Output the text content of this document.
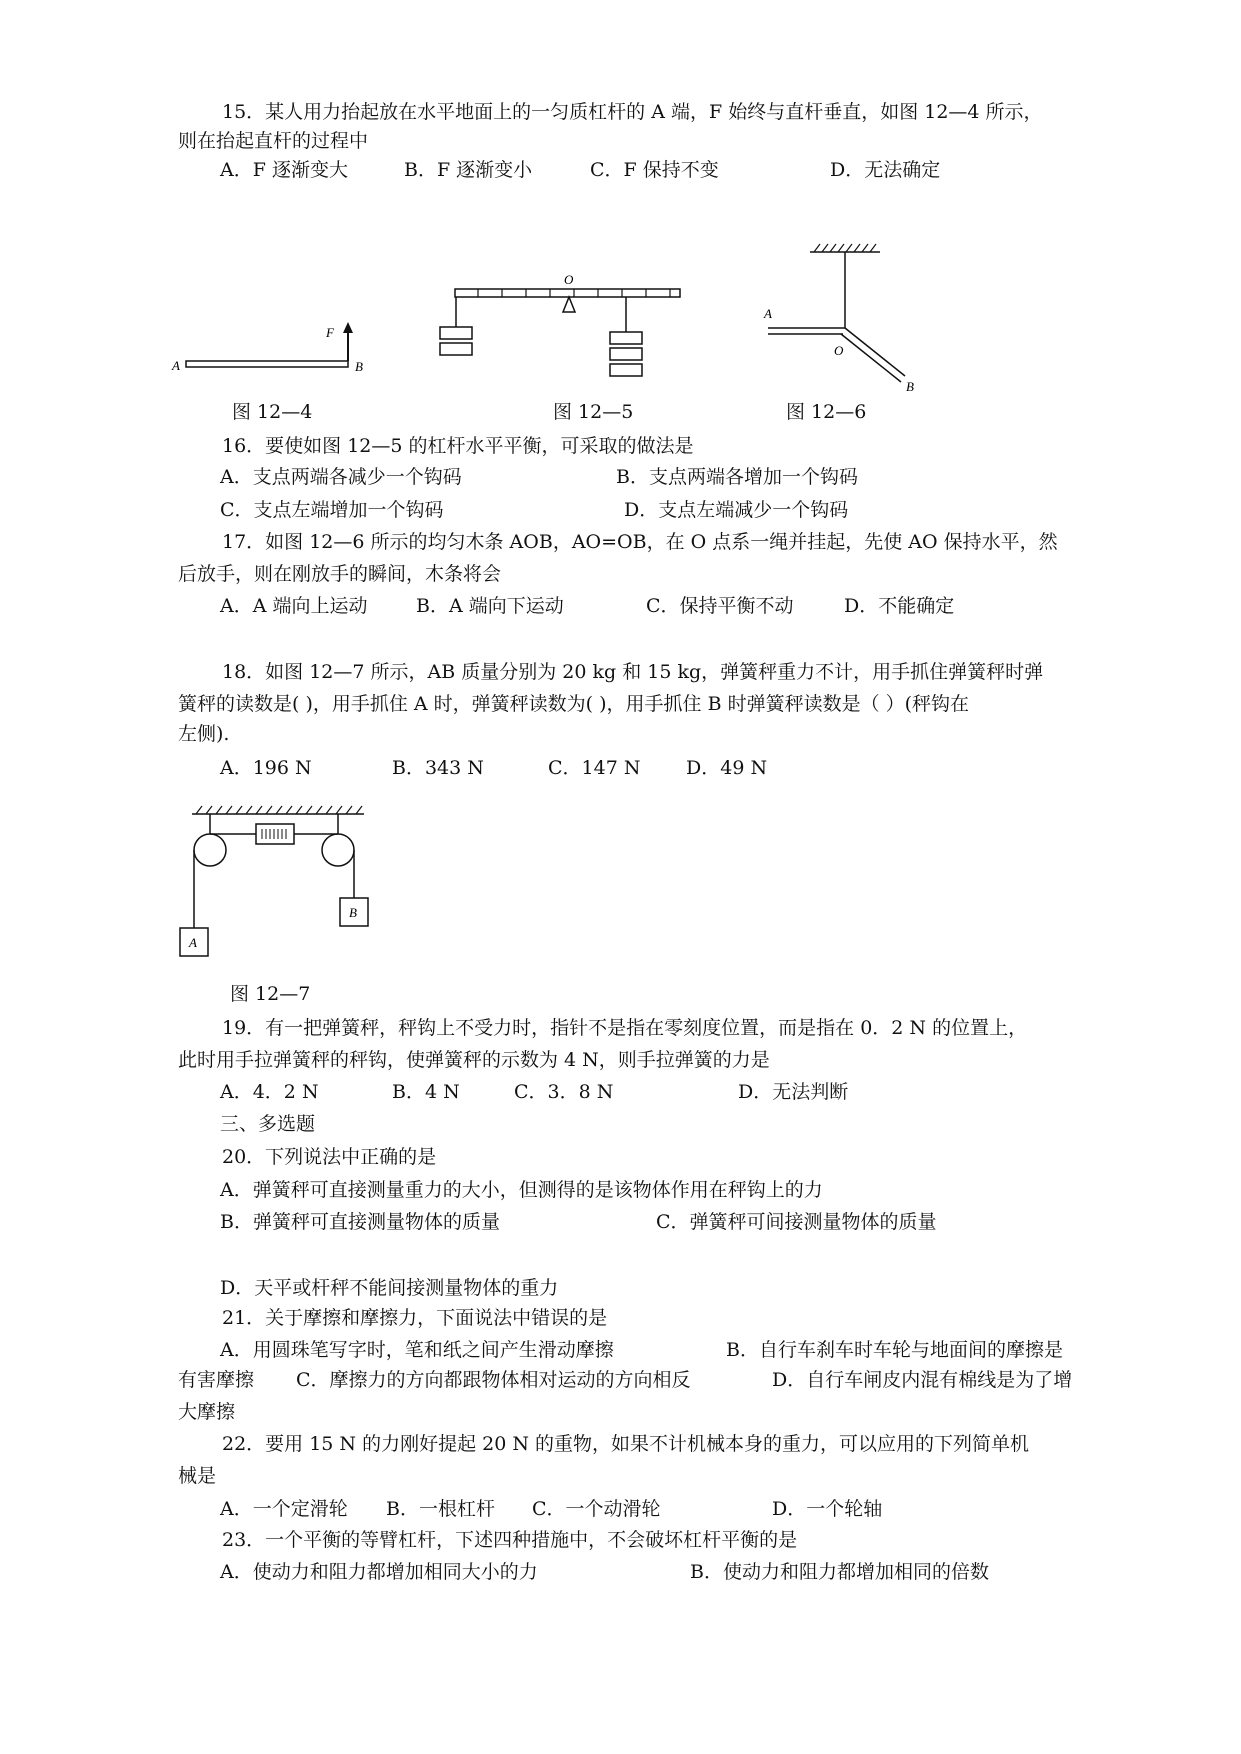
15．某人用力抬起放在水平地面上的一匀质杠杆的 A 端，F 始终与直杆垂直，如图 12—4 所示，
则在抬起直杆的过程中
A．F 逐渐变大	B．F 逐渐变小	C．F 保持不变	D．无法确定
A	B
F
图 12—4
O
图 12—5
A
O
B
图 12—6
16．要使如图 12—5 的杠杆水平平衡，可采取的做法是
A．支点两端各减少一个钩码	B．支点两端各增加一个钩码
C．支点左端增加一个钩码	D．支点左端减少一个钩码
17．如图 12—6 所示的均匀木条 AOB，AO=OB，在 O 点系一绳并挂起，先使 AO 保持水平，然
后放手，则在刚放手的瞬间，木条将会
A．A 端向上运动	B．A 端向下运动	C．保持平衡不动	D．不能确定
18．如图 12—7 所示，AB 质量分别为 20 kg 和 15 kg，弹簧秤重力不计，用手抓住弹簧秤时弹
簧秤的读数是( )，用手抓住 A 时，弹簧秤读数为( )，用手抓住 B 时弹簧秤读数是（ ）(秤钩在
左侧).
A．196 N	B．343 N	C．147 N D．49 N
A
B
图 12—7
19．有一把弹簧秤，秤钩上不受力时，指针不是指在零刻度位置，而是指在 0．2 N 的位置上，
此时用手拉弹簧秤的秤钩，使弹簧秤的示数为 4 N，则手拉弹簧的力是
A．4．2 N	B．4 N	C．3．8 N	D．无法判断
三、多选题
20．下列说法中正确的是
A．弹簧秤可直接测量重力的大小，但测得的是该物体作用在秤钩上的力
B．弹簧秤可直接测量物体的质量	C．弹簧秤可间接测量物体的质量
D．天平或杆秤不能间接测量物体的重力
21．关于摩擦和摩擦力，下面说法中错误的是
A．用圆珠笔写字时，笔和纸之间产生滑动摩擦	B．自行车刹车时车轮与地面间的摩擦是
有害摩擦 C．摩擦力的方向都跟物体相对运动的方向相反	D．自行车闸皮内混有棉线是为了增
大摩擦
22．要用 15 N 的力刚好提起 20 N 的重物，如果不计机械本身的重力，可以应用的下列简单机
械是
A．一个定滑轮 B．一根杠杆 C．一个动滑轮	D．一个轮轴
23．一个平衡的等臂杠杆，下述四种措施中，不会破坏杠杆平衡的是
A．使动力和阻力都增加相同大小的力	B．使动力和阻力都增加相同的倍数
